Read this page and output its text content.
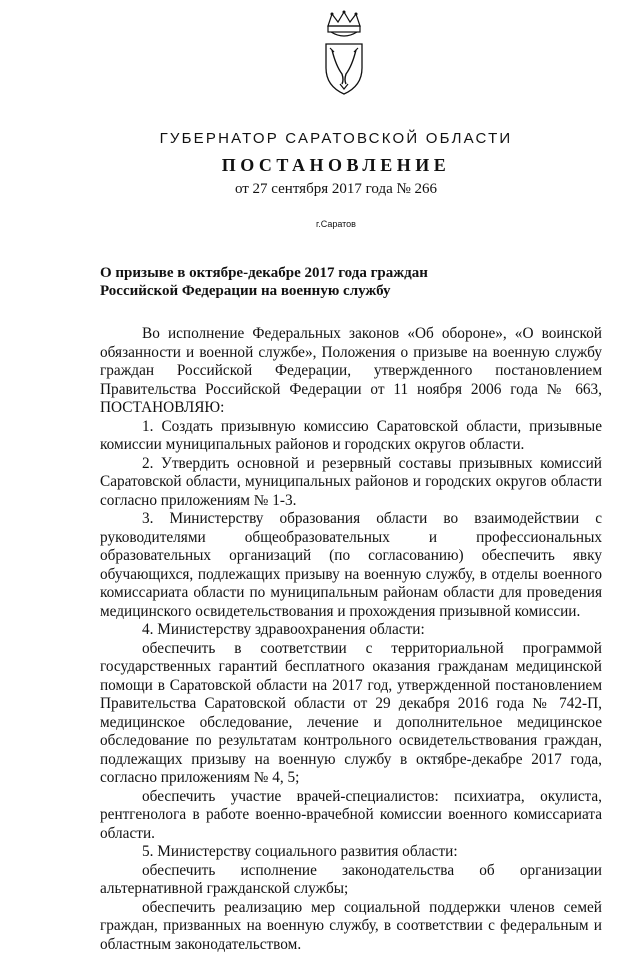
ГУБЕРНАТОР САРАТОВСКОЙ ОБЛАСТИ
ПОСТАНОВЛЕНИЕ
от 27 сентября 2017 года № 266
г.Саратов
О призыве в октябре-декабре 2017 года граждан
Российской Федерации на военную службу

Во исполнение Федеральных законов «Об обороне», «О воинской обязанности и военной службе», Положения о призыве на военную службу граждан Российской Федерации, утвержденного постановлением Правительства Российской Федерации от 11 ноября 2006 года № 663, ПОСТАНОВЛЯЮ:

1. Создать призывную комиссию Саратовской области, призывные комиссии муниципальных районов и городских округов области.

2. Утвердить основной и резервный составы призывных комиссий Саратовской области, муниципальных районов и городских округов области согласно приложениям № 1-3.

3. Министерству образования области во взаимодействии с руководителями общеобразовательных и профессиональных образовательных организаций (по согласованию) обеспечить явку обучающихся, подлежащих призыву на военную службу, в отделы военного комиссариата области по муниципальным районам области для проведения медицинского освидетельствования и прохождения призывной комиссии.

4. Министерству здравоохранения области:

обеспечить в соответствии с территориальной программой государственных гарантий бесплатного оказания гражданам медицинской помощи в Саратовской области на 2017 год, утвержденной постановлением Правительства Саратовской области от 29 декабря 2016 года № 742-П, медицинское обследование, лечение и дополнительное медицинское обследование по результатам контрольного освидетельствования граждан, подлежащих призыву на военную службу в октябре-декабре 2017 года, согласно приложениям № 4, 5;

обеспечить участие врачей-специалистов: психиатра, окулиста, рентгенолога в работе военно-врачебной комиссии военного комиссариата области.

5. Министерству социального развития области:

обеспечить исполнение законодательства об организации альтернативной гражданской службы;

обеспечить реализацию мер социальной поддержки членов семей граждан, призванных на военную службу, в соответствии с федеральным и областным законодательством.
